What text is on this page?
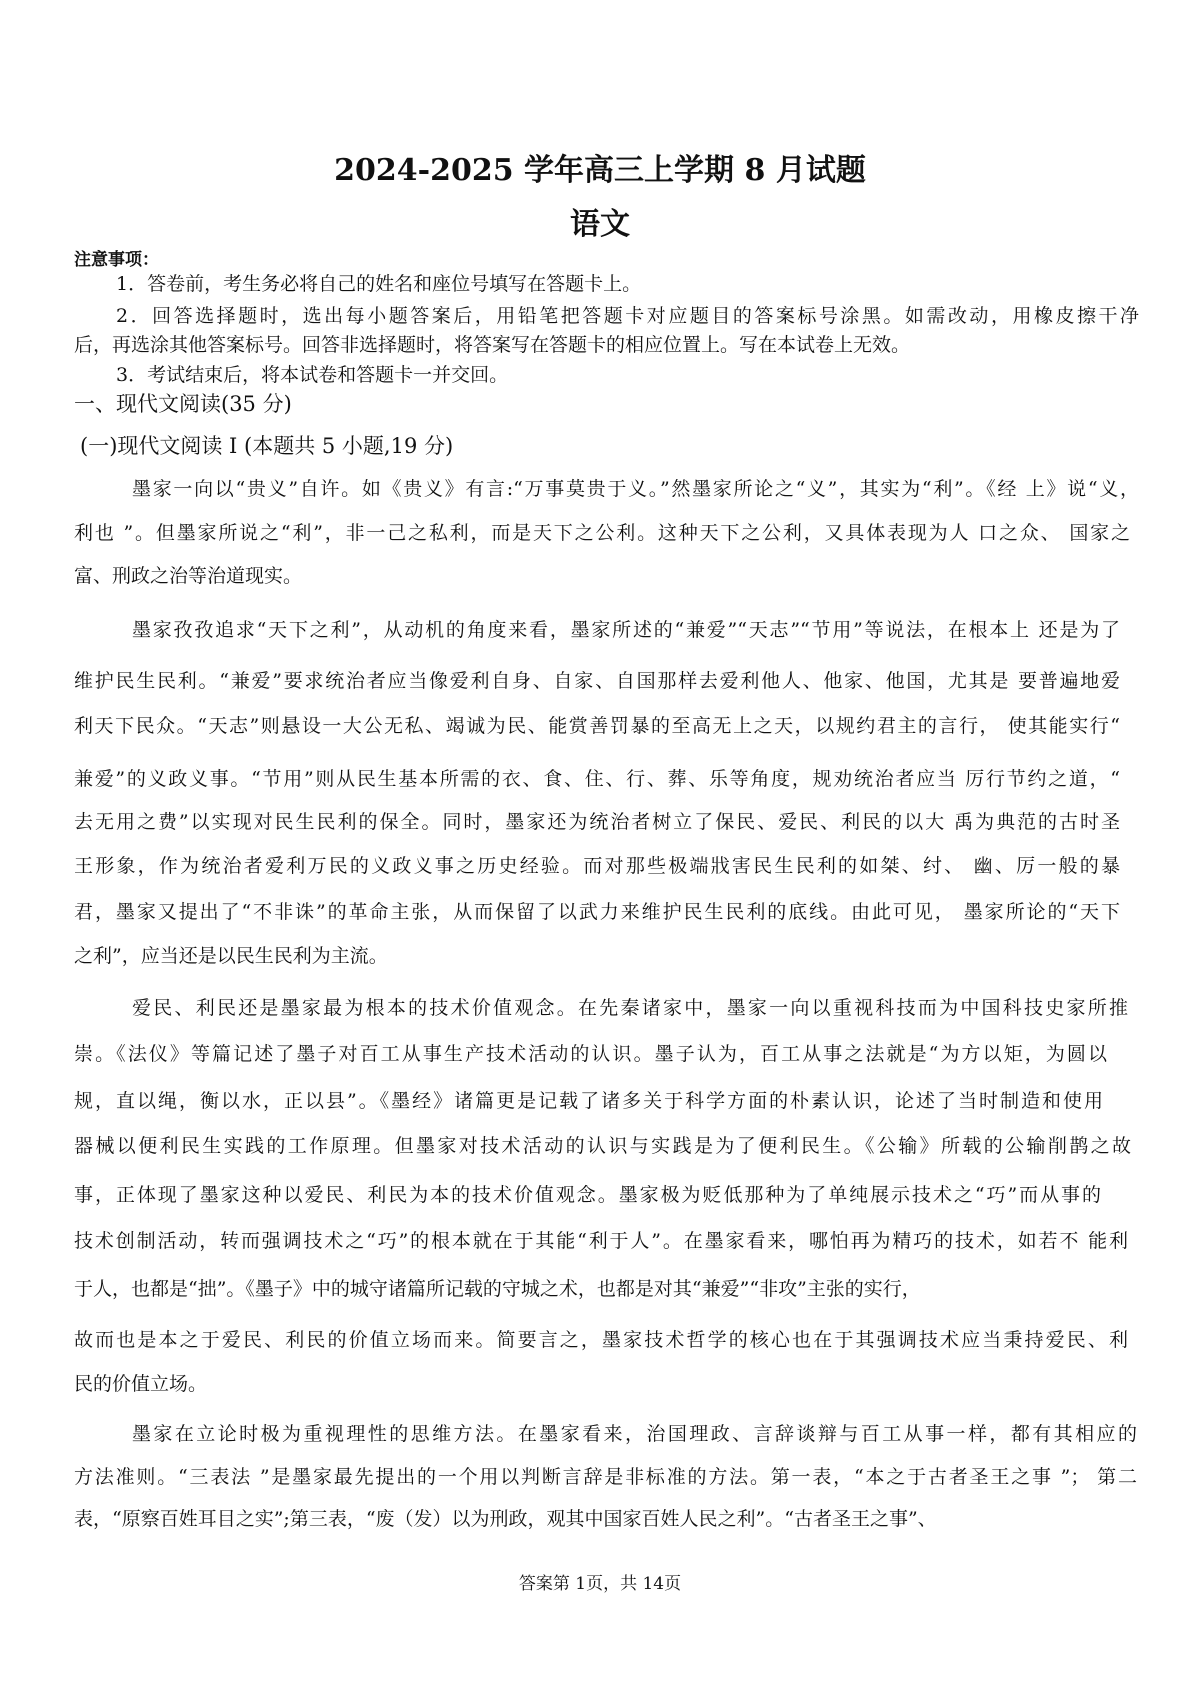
2024-2025 学年高三上学期 8 月试题
语文
注意事项：
1．答卷前，考生务必将自己的姓名和座位号填写在答题卡上。
2．回答选择题时，选出每小题答案后，用铅笔把答题卡对应题目的答案标号涂黑。如需改动，用橡皮擦干净
后，再选涂其他答案标号。回答非选择题时，将答案写在答题卡的相应位置上。写在本试卷上无效。
3．考试结束后，将本试卷和答题卡一并交回。
一、现代文阅读(35 分)
(一)现代文阅读 Ⅰ (本题共 5 小题,19 分)
墨家一向以“贵义”自许。如《贵义》有言:“万事莫贵于义。”然墨家所论之“义”，其实为“利”。《经 上》说“义，
利也 ”。但墨家所说之“利”，非一己之私利，而是天下之公利。这种天下之公利，又具体表现为人 口之众、 国家之
富、刑政之治等治道现实。
墨家孜孜追求“天下之利”，从动机的角度来看，墨家所述的“兼爱”“天志”“节用”等说法，在根本上 还是为了
维护民生民利。“兼爱”要求统治者应当像爱利自身、自家、自国那样去爱利他人、他家、他国，尤其是 要普遍地爱
利天下民众。“天志”则悬设一大公无私、竭诚为民、能赏善罚暴的至高无上之天，以规约君主的言行， 使其能实行“
兼爱”的义政义事。“节用”则从民生基本所需的衣、食、住、行、葬、乐等角度，规劝统治者应当 厉行节约之道，“
去无用之费”以实现对民生民利的保全。同时，墨家还为统治者树立了保民、爱民、利民的以大 禹为典范的古时圣
王形象，作为统治者爱利万民的义政义事之历史经验。而对那些极端戕害民生民利的如桀、纣、 幽、厉一般的暴
君，墨家又提出了“不非诛”的革命主张，从而保留了以武力来维护民生民利的底线。由此可见， 墨家所论的“天下
之利”，应当还是以民生民利为主流。
爱民、利民还是墨家最为根本的技术价值观念。在先秦诸家中，墨家一向以重视科技而为中国科技史家所推
崇。《法仪》等篇记述了墨子对百工从事生产技术活动的认识。墨子认为，百工从事之法就是“为方以矩，为圆以
规，直以绳，衡以水，正以县”。《墨经》诸篇更是记载了诸多关于科学方面的朴素认识，论述了当时制造和使用
器械以便利民生实践的工作原理。但墨家对技术活动的认识与实践是为了便利民生。《公输》所载的公输削鹊之故
事，正体现了墨家这种以爱民、利民为本的技术价值观念。墨家极为贬低那种为了单纯展示技术之“巧”而从事的
技术创制活动，转而强调技术之“巧”的根本就在于其能“利于人”。在墨家看来，哪怕再为精巧的技术，如若不 能利
于人，也都是“拙”。《墨子》中的城守诸篇所记载的守城之术，也都是对其“兼爱”“非攻”主张的实行，
故而也是本之于爱民、利民的价值立场而来。简要言之，墨家技术哲学的核心也在于其强调技术应当秉持爱民、利
民的价值立场。
墨家在立论时极为重视理性的思维方法。在墨家看来，治国理政、言辞谈辩与百工从事一样，都有其相应的
方法准则。“三表法 ”是墨家最先提出的一个用以判断言辞是非标准的方法。第一表，“本之于古者圣王之事 ”； 第二
表，“原察百姓耳目之实”;第三表，“废（发）以为刑政，观其中国家百姓人民之利”。“古者圣王之事”、
答案第 1页，共 14页
